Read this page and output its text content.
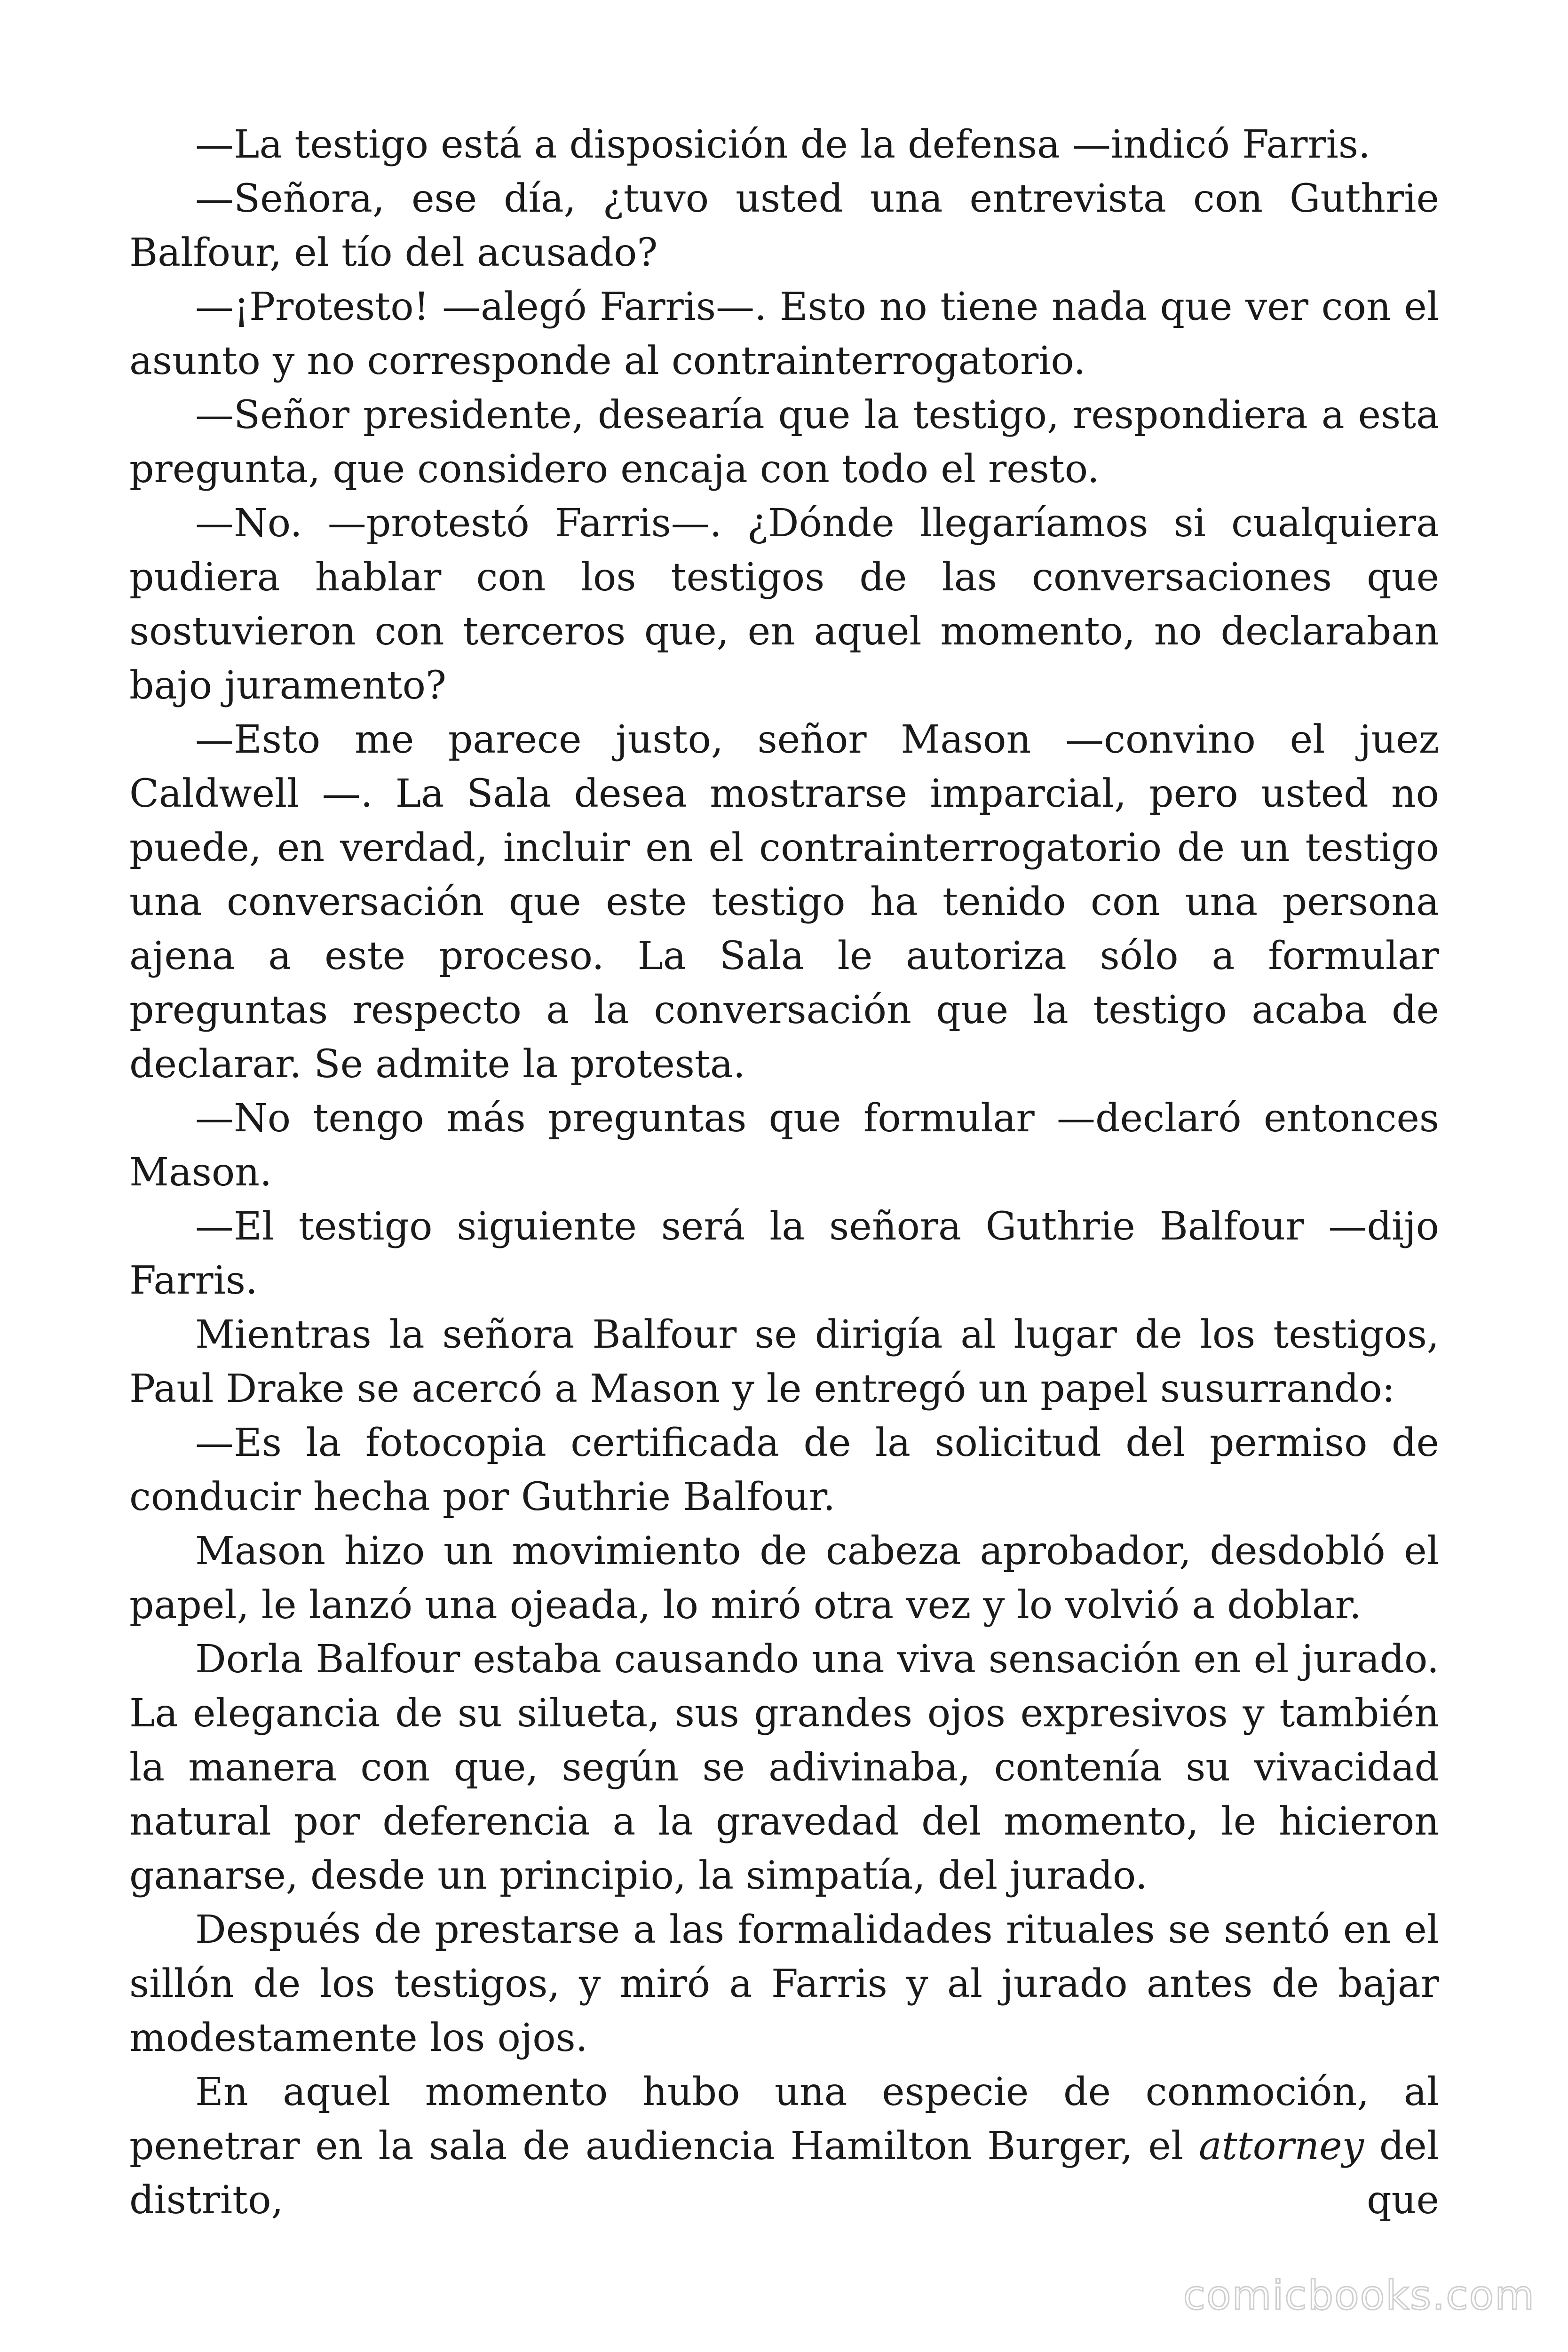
—La testigo está a disposición de la defensa —indicó Farris.

—Señora, ese día, ¿tuvo usted una entrevista con Guthrie Balfour, el tío del acusado?

—¡Protesto! —alegó Farris—. Esto no tiene nada que ver con el asunto y no corresponde al contrainterrogatorio.

—Señor presidente, desearía que la testigo, respondiera a esta pregunta, que considero encaja con todo el resto.

—No. —protestó Farris—. ¿Dónde llegaríamos si cualquiera pudiera hablar con los testigos de las conversaciones que sostuvieron con terceros que, en aquel momento, no declaraban bajo juramento?

—Esto me parece justo, señor Mason —convino el juez Caldwell —. La Sala desea mostrarse imparcial, pero usted no puede, en verdad, incluir en el contrainterrogatorio de un testigo una conversación que este testigo ha tenido con una persona ajena a este proceso. La Sala le autoriza sólo a formular preguntas respecto a la conversación que la testigo acaba de declarar. Se admite la protesta.

—No tengo más preguntas que formular —declaró entonces Mason.

—El testigo siguiente será la señora Guthrie Balfour —dijo Farris.

Mientras la señora Balfour se dirigía al lugar de los testigos, Paul Drake se acercó a Mason y le entregó un papel susurrando:

—Es la fotocopia certificada de la solicitud del permiso de conducir hecha por Guthrie Balfour.

Mason hizo un movimiento de cabeza aprobador, desdobló el papel, le lanzó una ojeada, lo miró otra vez y lo volvió a doblar.

Dorla Balfour estaba causando una viva sensación en el jurado. La elegancia de su silueta, sus grandes ojos expresivos y también la manera con que, según se adivinaba, contenía su vivacidad natural por deferencia a la gravedad del momento, le hicieron ganarse, desde un principio, la simpatía, del jurado.

Después de prestarse a las formalidades rituales se sentó en el sillón de los testigos, y miró a Farris y al jurado antes de bajar modestamente los ojos.

En aquel momento hubo una especie de conmoción, al penetrar en la sala de audiencia Hamilton Burger, el attorney del distrito, que

comicbooks.com
